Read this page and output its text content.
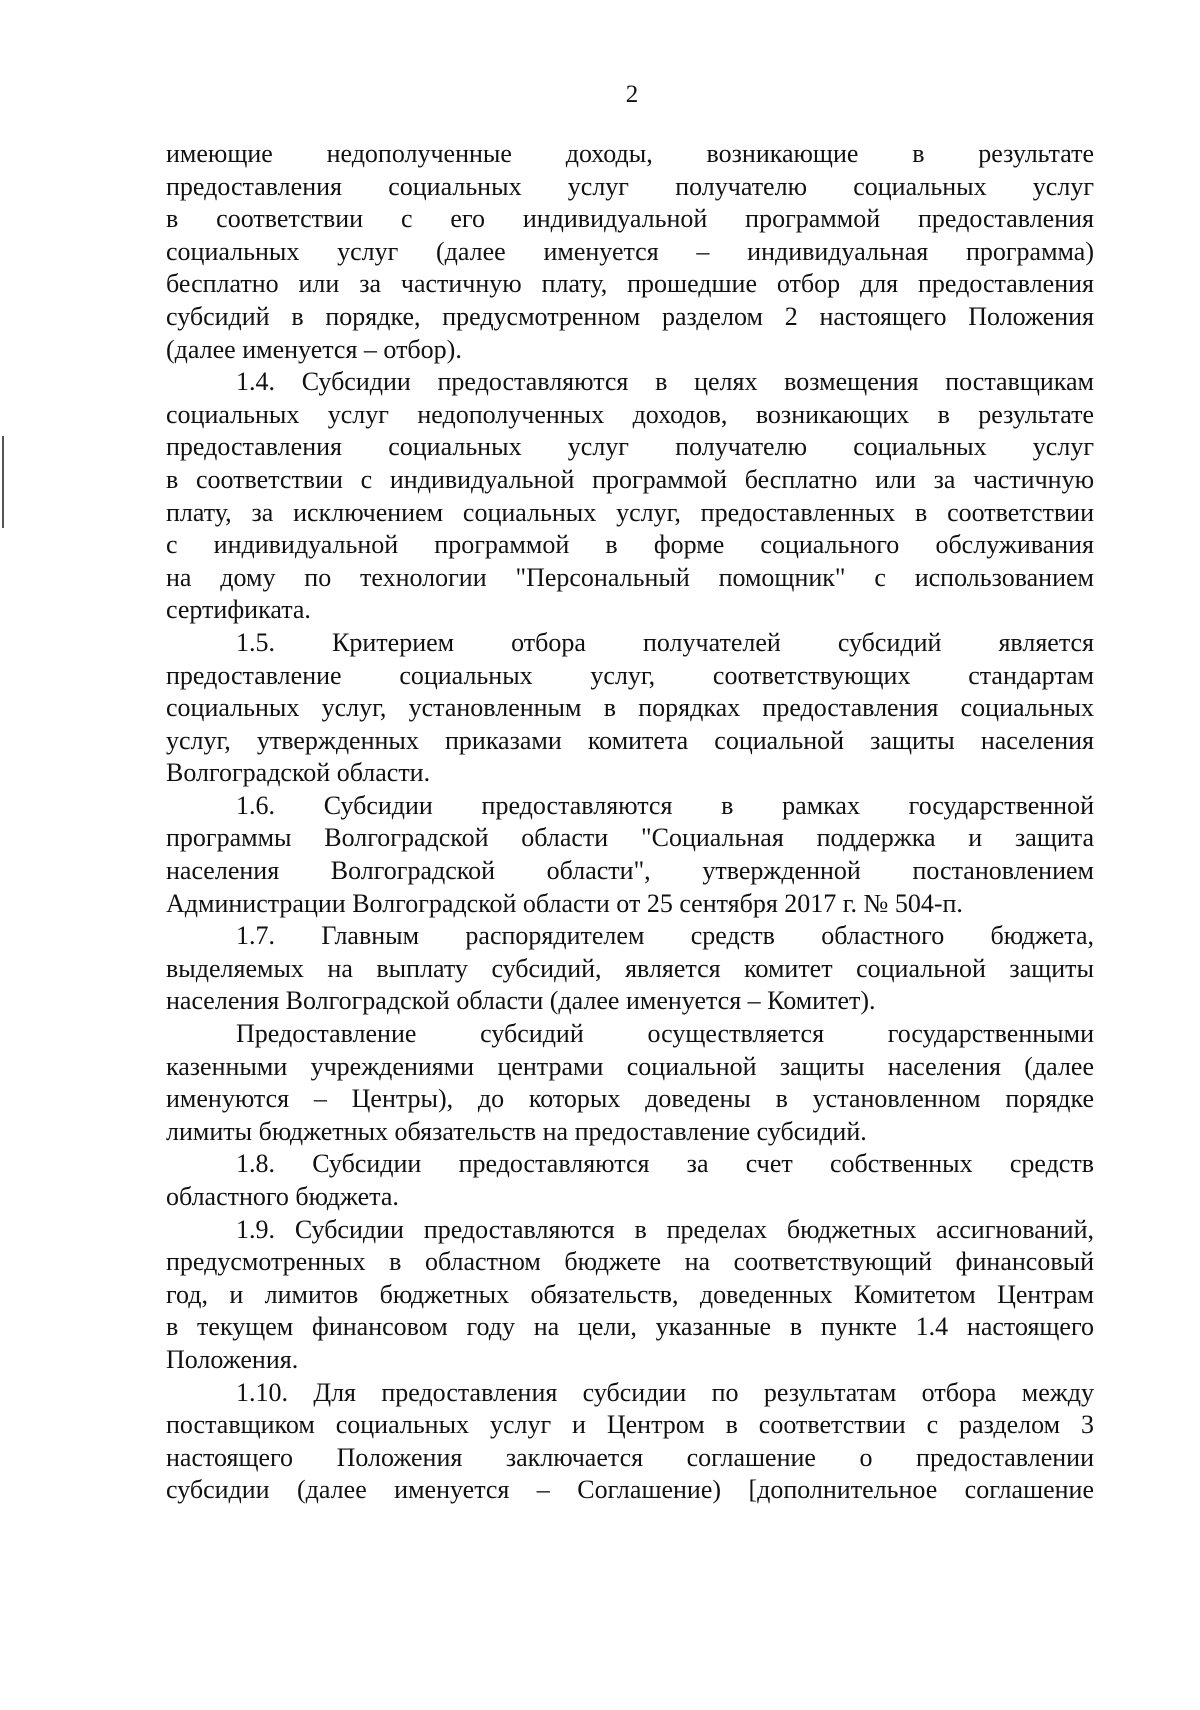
2
имеющие недополученные доходы, возникающие в результате
предоставления социальных услуг получателю социальных услуг
в соответствии с его индивидуальной программой предоставления
социальных услуг (далее именуется – индивидуальная программа)
бесплатно или за частичную плату, прошедшие отбор для предоставления
субсидий в порядке, предусмотренном разделом 2 настоящего Положения
(далее именуется – отбор).
1.4. Субсидии предоставляются в целях возмещения поставщикам
социальных услуг недополученных доходов, возникающих в результате
предоставления социальных услуг получателю социальных услуг
в соответствии с индивидуальной программой бесплатно или за частичную
плату, за исключением социальных услуг, предоставленных в соответствии
с индивидуальной программой в форме социального обслуживания
на дому по технологии "Персональный помощник" с использованием
сертификата.
1.5. Критерием отбора получателей субсидий является
предоставление социальных услуг, соответствующих стандартам
социальных услуг, установленным в порядках предоставления социальных
услуг, утвержденных приказами комитета социальной защиты населения
Волгоградской области.
1.6. Субсидии предоставляются в рамках государственной
программы Волгоградской области "Социальная поддержка и защита
населения Волгоградской области", утвержденной постановлением
Администрации Волгоградской области от 25 сентября 2017 г. № 504-п.
1.7. Главным распорядителем средств областного бюджета,
выделяемых на выплату субсидий, является комитет социальной защиты
населения Волгоградской области (далее именуется – Комитет).
Предоставление субсидий осуществляется государственными
казенными учреждениями центрами социальной защиты населения (далее
именуются – Центры), до которых доведены в установленном порядке
лимиты бюджетных обязательств на предоставление субсидий.
1.8. Субсидии предоставляются за счет собственных средств
областного бюджета.
1.9. Субсидии предоставляются в пределах бюджетных ассигнований,
предусмотренных в областном бюджете на соответствующий финансовый
год, и лимитов бюджетных обязательств, доведенных Комитетом Центрам
в текущем финансовом году на цели, указанные в пункте 1.4 настоящего
Положения.
1.10. Для предоставления субсидии по результатам отбора между
поставщиком социальных услуг и Центром в соответствии с разделом 3
настоящего Положения заключается соглашение о предоставлении
субсидии (далее именуется – Соглашение) [дополнительное соглашение
